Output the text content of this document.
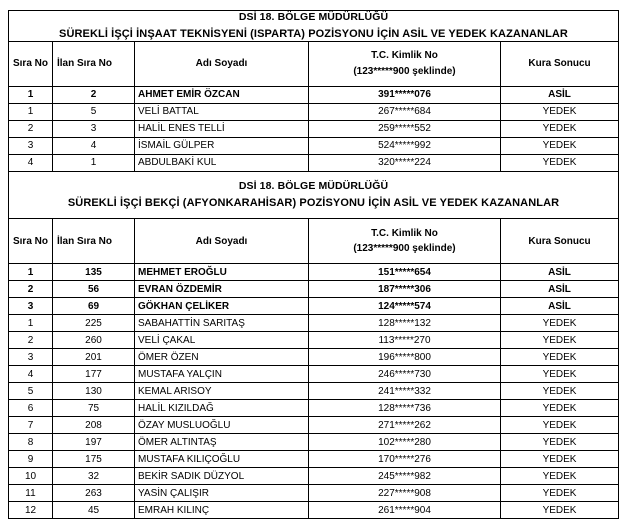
DSİ 18. BÖLGE MÜDÜRLÜĞÜ
SÜREKLİ İŞÇİ İNŞAAT TEKNİSYENİ (ISPARTA) POZİSYONU İÇİN ASİL VE YEDEK KAZANANLAR				

Sıra No	İlan Sıra No	Adı Soyadı	T.C. Kimlik No
(123*****900 şeklinde)	Kura Sonucu
1	2	AHMET EMİR ÖZCAN	391*****076	ASİL
1	5	VELİ BATTAL	267*****684	YEDEK
2	3	HALİL ENES TELLİ	259*****552	YEDEK
3	4	İSMAİL GÜLPER	524*****992	YEDEK
4	1	ABDULBAKİ KUL	320*****224	YEDEK

DSİ 18. BÖLGE MÜDÜRLÜĞÜ
SÜREKLİ İŞÇİ BEKÇİ (AFYONKARAHİSAR) POZİSYONU İÇİN ASİL VE YEDEK KAZANANLAR				

Sıra No	İlan Sıra No	Adı Soyadı	T.C. Kimlik No
(123*****900 şeklinde)	Kura Sonucu
1	135	MEHMET EROĞLU	151*****654	ASİL
2	56	EVRAN ÖZDEMİR	187*****306	ASİL
3	69	GÖKHAN ÇELİKER	124*****574	ASİL
1	225	SABAHATTİN SARITAŞ	128*****132	YEDEK
2	260	VELİ ÇAKAL	113*****270	YEDEK
3	201	ÖMER ÖZEN	196*****800	YEDEK
4	177	MUSTAFA YALÇIN	246*****730	YEDEK
5	130	KEMAL ARISOY	241*****332	YEDEK
6	75	HALİL KIZILDAĞ	128*****736	YEDEK
7	208	ÖZAY MUSLUOĞLU	271*****262	YEDEK
8	197	ÖMER ALTINTAŞ	102*****280	YEDEK
9	175	MUSTAFA KILIÇOĞLU	170*****276	YEDEK
10	32	BEKİR SADIK DÜZYOL	245*****982	YEDEK
11	263	YASİN ÇALIŞIR	227*****908	YEDEK
12	45	EMRAH KILINÇ	261*****904	YEDEK
